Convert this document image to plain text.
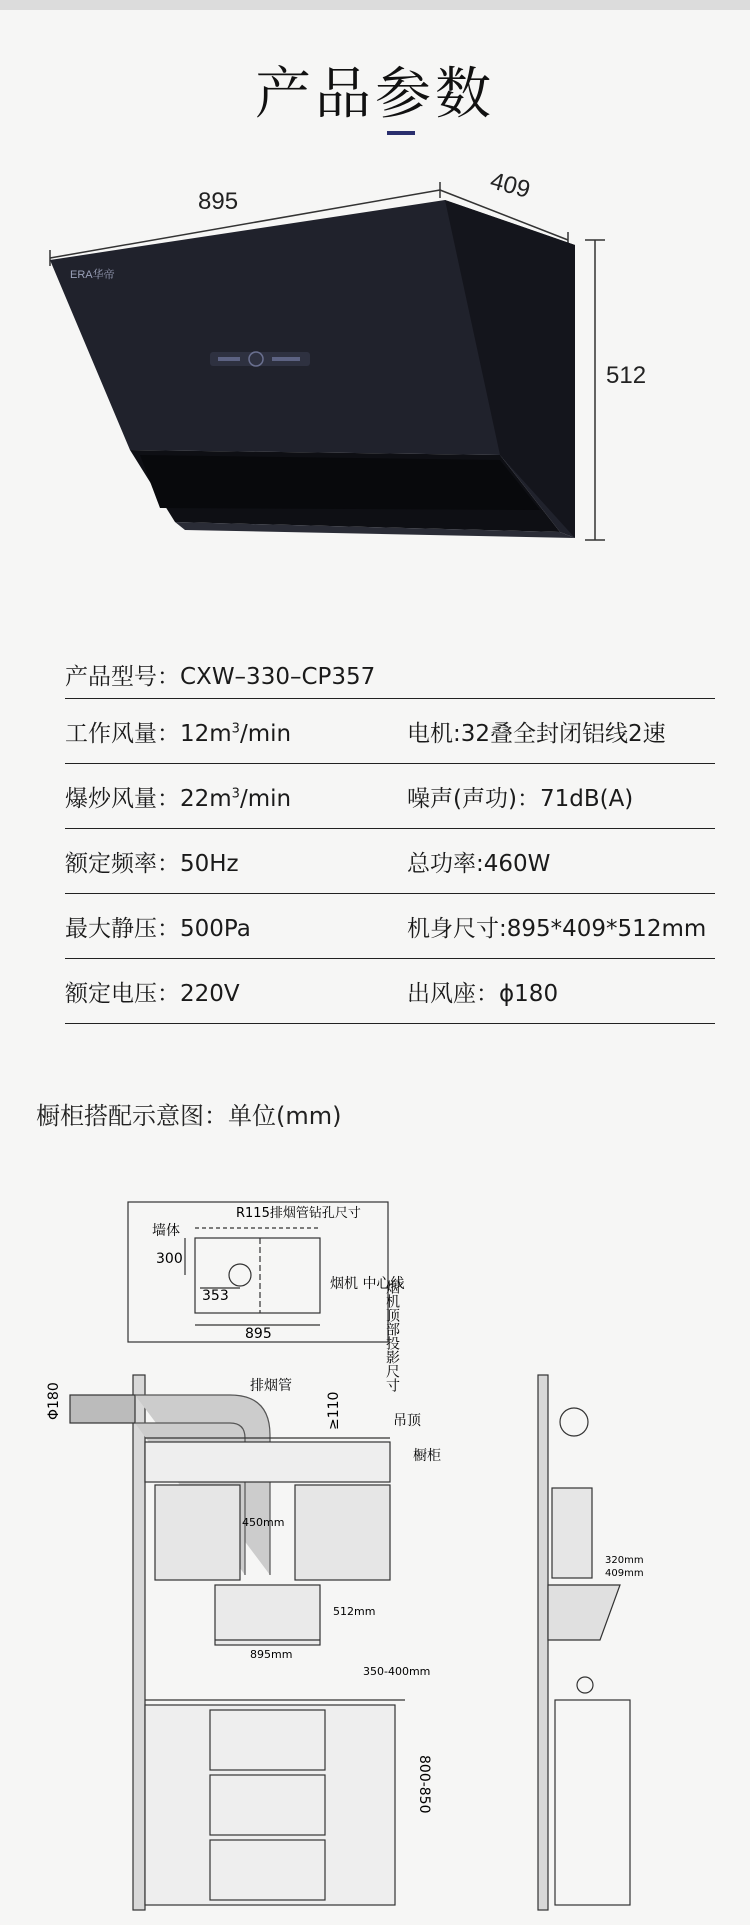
产品参数
ERA华帝
895	409
512
产品型号：CXW–330–CP357
工作风量：$12m^3/\min$	电机:32叠全封闭铝线2速
爆炒风量：$22m^3/\min$	噪声(声功)：71dB(A)
额定频率：50Hz	总功率:460W
最大静压：500Pa	机身尺寸:895*409*512mm
额定电压：220V	出风座：ϕ180
橱柜搭配示意图：单位(mm)
R115排烟管钻孔尺寸
墙体
300
353
烟机 中心线
895	烟机顶部投影尺寸
Φ180	排烟管
≥110	吊顶
橱柜
450mm
512mm
895mm
350-400mm
800-850
320mm
409mm
